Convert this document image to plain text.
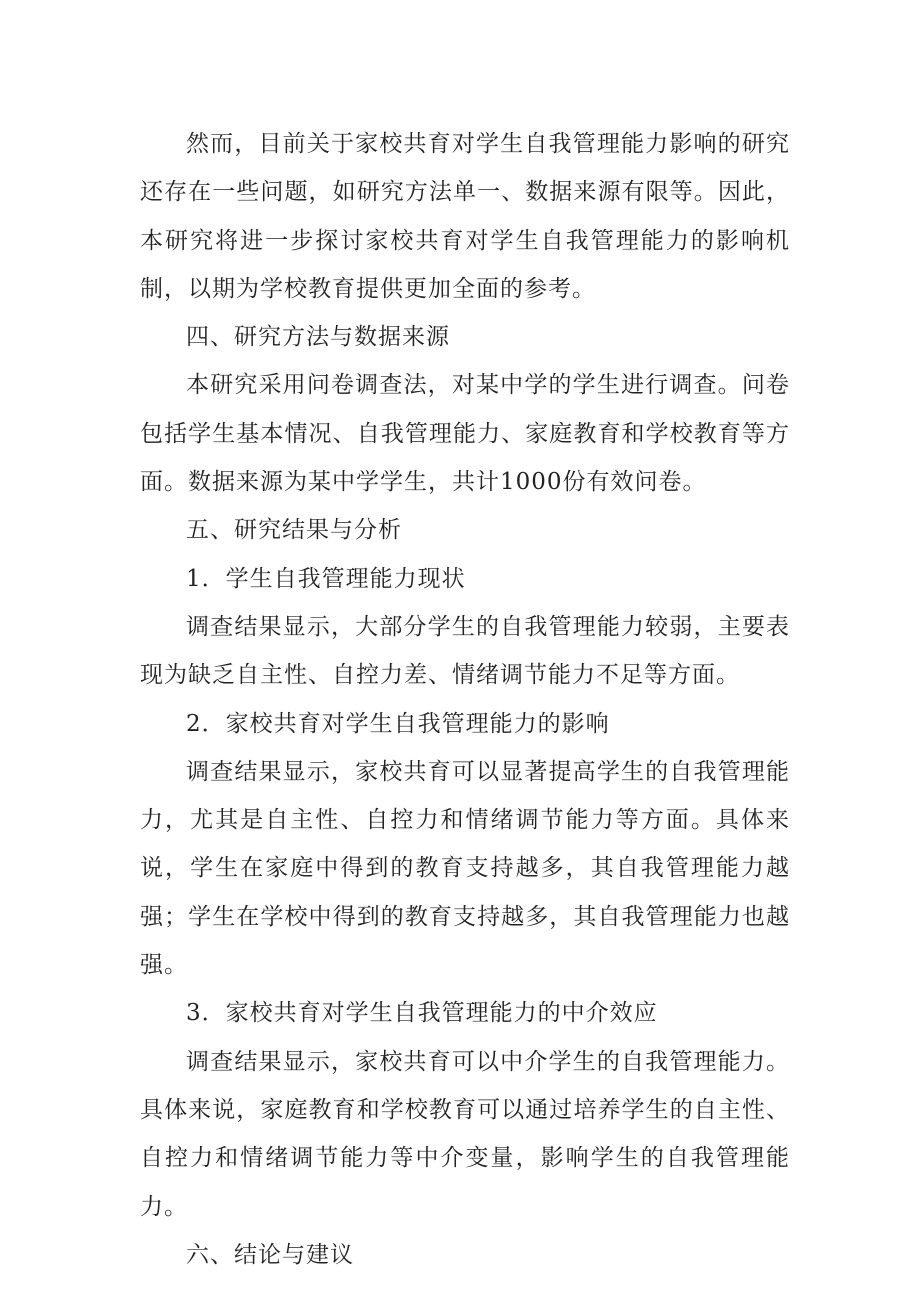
然而，目前关于家校共育对学生自我管理能力影响的研究还存在一些问题，如研究方法单一、数据来源有限等。因此，本研究将进一步探讨家校共育对学生自我管理能力的影响机制，以期为学校教育提供更加全面的参考。

四、研究方法与数据来源

本研究采用问卷调查法，对某中学的学生进行调查。问卷包括学生基本情况、自我管理能力、家庭教育和学校教育等方面。数据来源为某中学学生，共计1000份有效问卷。

五、研究结果与分析

1．学生自我管理能力现状

调查结果显示，大部分学生的自我管理能力较弱，主要表现为缺乏自主性、自控力差、情绪调节能力不足等方面。

2．家校共育对学生自我管理能力的影响

调查结果显示，家校共育可以显著提高学生的自我管理能力，尤其是自主性、自控力和情绪调节能力等方面。具体来说，学生在家庭中得到的教育支持越多，其自我管理能力越强；学生在学校中得到的教育支持越多，其自我管理能力也越强。

3．家校共育对学生自我管理能力的中介效应

调查结果显示，家校共育可以中介学生的自我管理能力。具体来说，家庭教育和学校教育可以通过培养学生的自主性、自控力和情绪调节能力等中介变量，影响学生的自我管理能力。

六、结论与建议
